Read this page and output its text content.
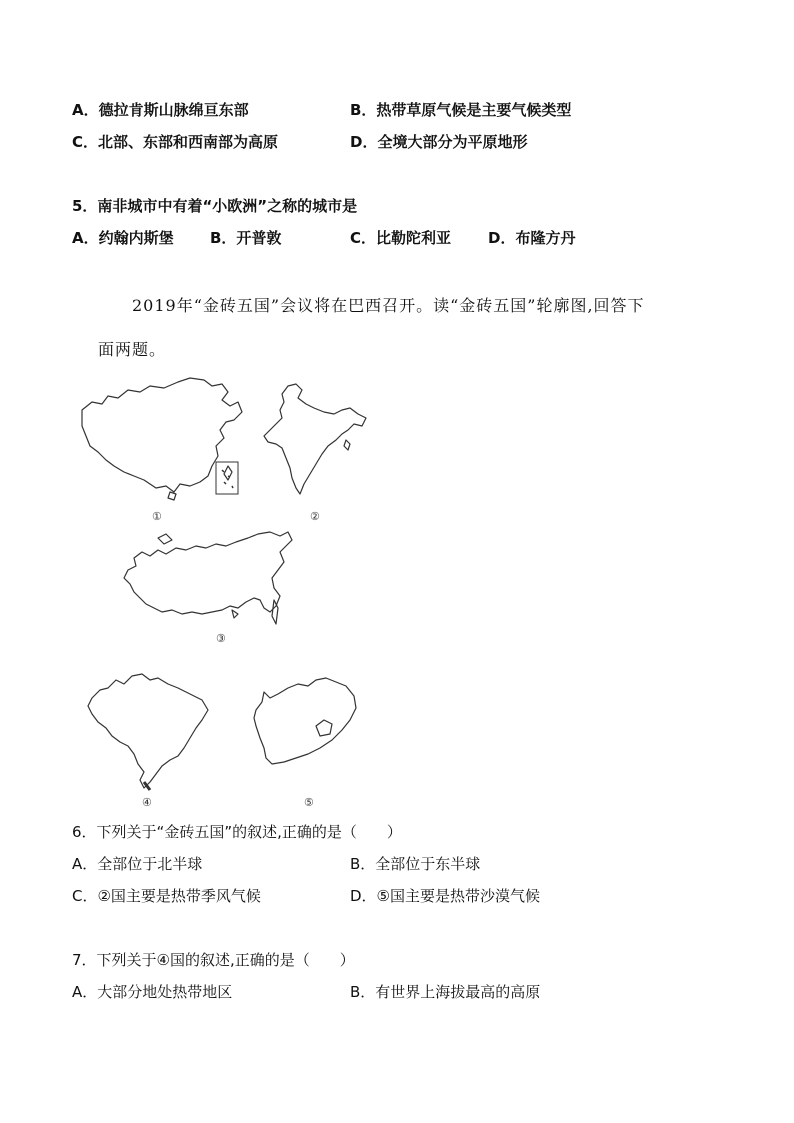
A．德拉肯斯山脉绵亘东部	B．热带草原气候是主要气候类型
C．北部、东部和西南部为高原	D．全境大部分为平原地形
5．南非城市中有着“小欧洲”之称的城市是
A．约翰内斯堡 B．开普敦	C．比勒陀利亚 D．布隆方丹
2019年“金砖五国”会议将在巴西召开。读“金砖五国”轮廓图,回答下
面两题。
①	②
③
④	⑤
6．下列关于“金砖五国”的叙述,正确的是（　　）
A．全部位于北半球	B．全部位于东半球
C．②国主要是热带季风气候	D．⑤国主要是热带沙漠气候
7．下列关于④国的叙述,正确的是（　　）
A．大部分地处热带地区	B．有世界上海拔最高的高原
